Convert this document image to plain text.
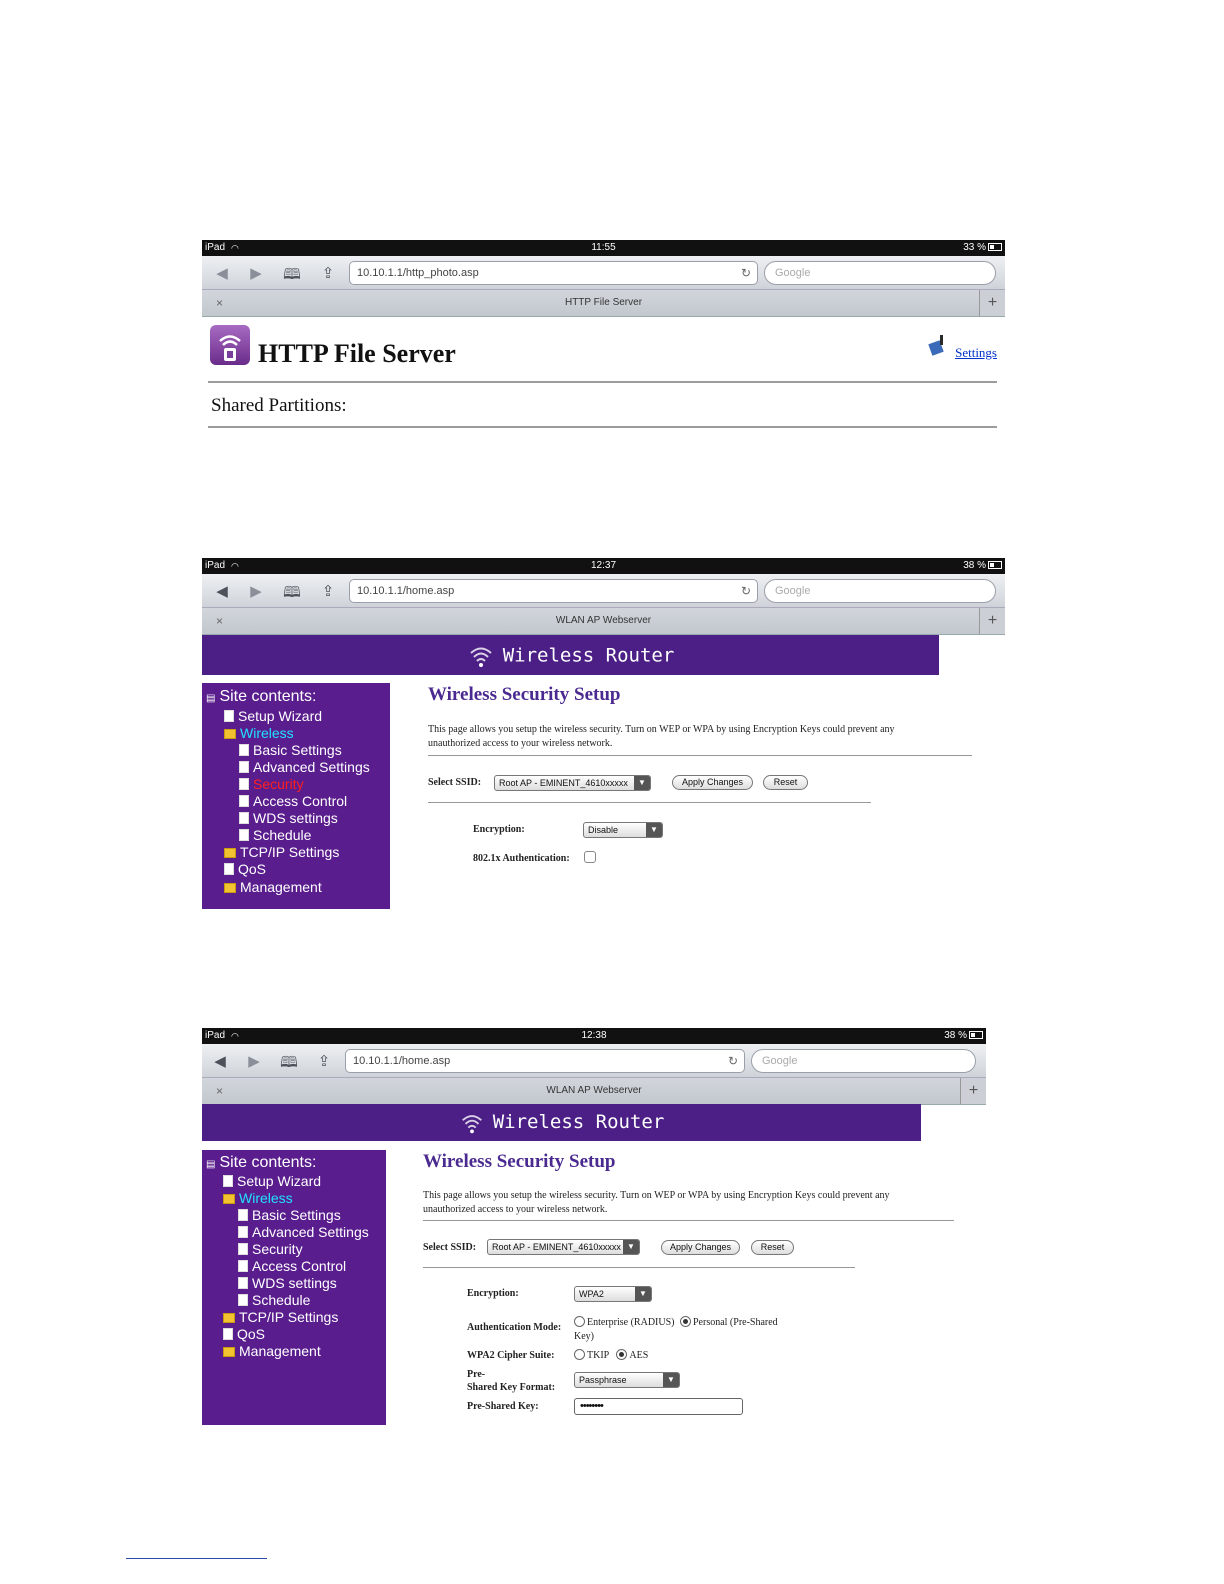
iPad ◠	11:55	33 %
◀ ▶ 🕮 ⇪	10.10.1.1/http_photo.asp	↻	Google
×	HTTP File Server	+
HTTP File Server	Settings
Shared Partitions:
iPad ◠	12:37	38 %
◀ ▶ 🕮 ⇪	10.10.1.1/home.asp	↻	Google
×	WLAN AP Webserver	+
Wireless Router
▤ Site contents:
Setup Wizard
Wireless
Basic Settings
Advanced Settings
Security
Access Control
WDS settings
Schedule
TCP/IP Settings
QoS
Management
Wireless Security Setup
This page allows you setup the wireless security. Turn on WEP or WPA by using Encryption Keys could prevent any unauthorized access to your wireless network.
Select SSID:	Root AP - EMINENT_4610xxxxx	▼	Apply Changes	Reset
Encryption:	Disable	▼
802.1x Authentication:
iPad ◠	12:38	38 %
◀ ▶ 🕮 ⇪	10.10.1.1/home.asp	↻	Google
×	WLAN AP Webserver	+
Wireless Router
▤ Site contents:
Setup Wizard
Wireless
Basic Settings
Advanced Settings
Security
Access Control
WDS settings
Schedule
TCP/IP Settings
QoS
Management
Wireless Security Setup
This page allows you setup the wireless security. Turn on WEP or WPA by using Encryption Keys could prevent any unauthorized access to your wireless network.
Select SSID:	Root AP - EMINENT_4610xxxxx ▼	Apply Changes	Reset
Encryption:	WPA2	▼
Authentication Mode:	Enterprise (RADIUS) Personal (Pre-Shared Key)
WPA2 Cipher Suite:	TKIP AES
Pre-
Shared Key Format:
Passphrase	▼
Pre-Shared Key:	••••••••
